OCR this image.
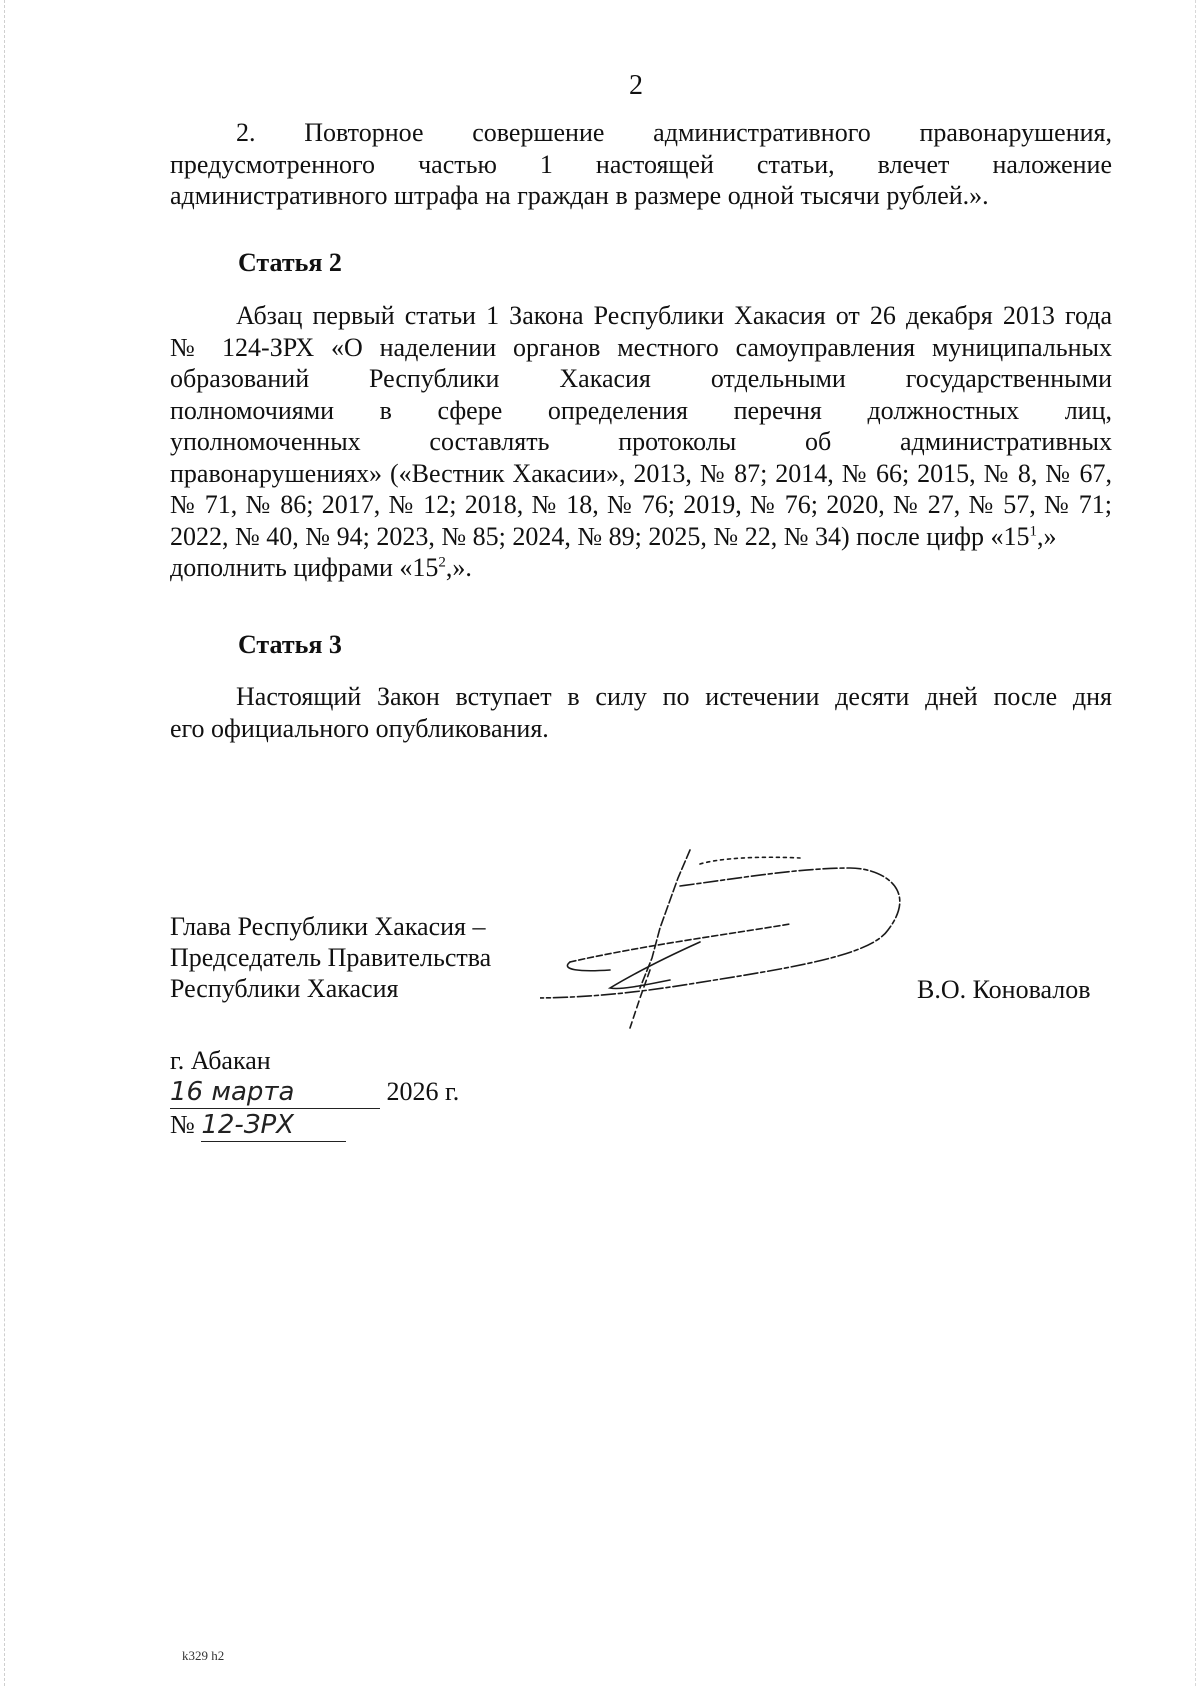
2
2. Повторное совершение административного правонарушения,
предусмотренного частью 1 настоящей статьи, влечет наложение
административного штрафа на граждан в размере одной тысячи рублей.».
Статья 2
Абзац первый статьи 1 Закона Республики Хакасия от 26 декабря 2013 года
№ 124-ЗРХ «О наделении органов местного самоуправления муниципальных
образований Республики Хакасия отдельными государственными
полномочиями в сфере определения перечня должностных лиц,
уполномоченных составлять протоколы об административных
правонарушениях» («Вестник Хакасии», 2013, № 87; 2014, № 66; 2015, № 8, № 67,
№ 71, № 86; 2017, № 12; 2018, № 18, № 76; 2019, № 76; 2020, № 27, № 57, № 71;
2022, № 40, № 94; 2023, № 85; 2024, № 89; 2025, № 22, № 34) после цифр «$15^1$,»
дополнить цифрами «$15^2$,».
Статья 3
Настоящий Закон вступает в силу по истечении десяти дней после дня
его официального опубликования.
Глава Республики Хакасия –
Председатель Правительства
Республики Хакасия	В.О. Коновалов
г. Абакан
16 марта	2026 г.
№ 12-ЗРХ
k329 h2
